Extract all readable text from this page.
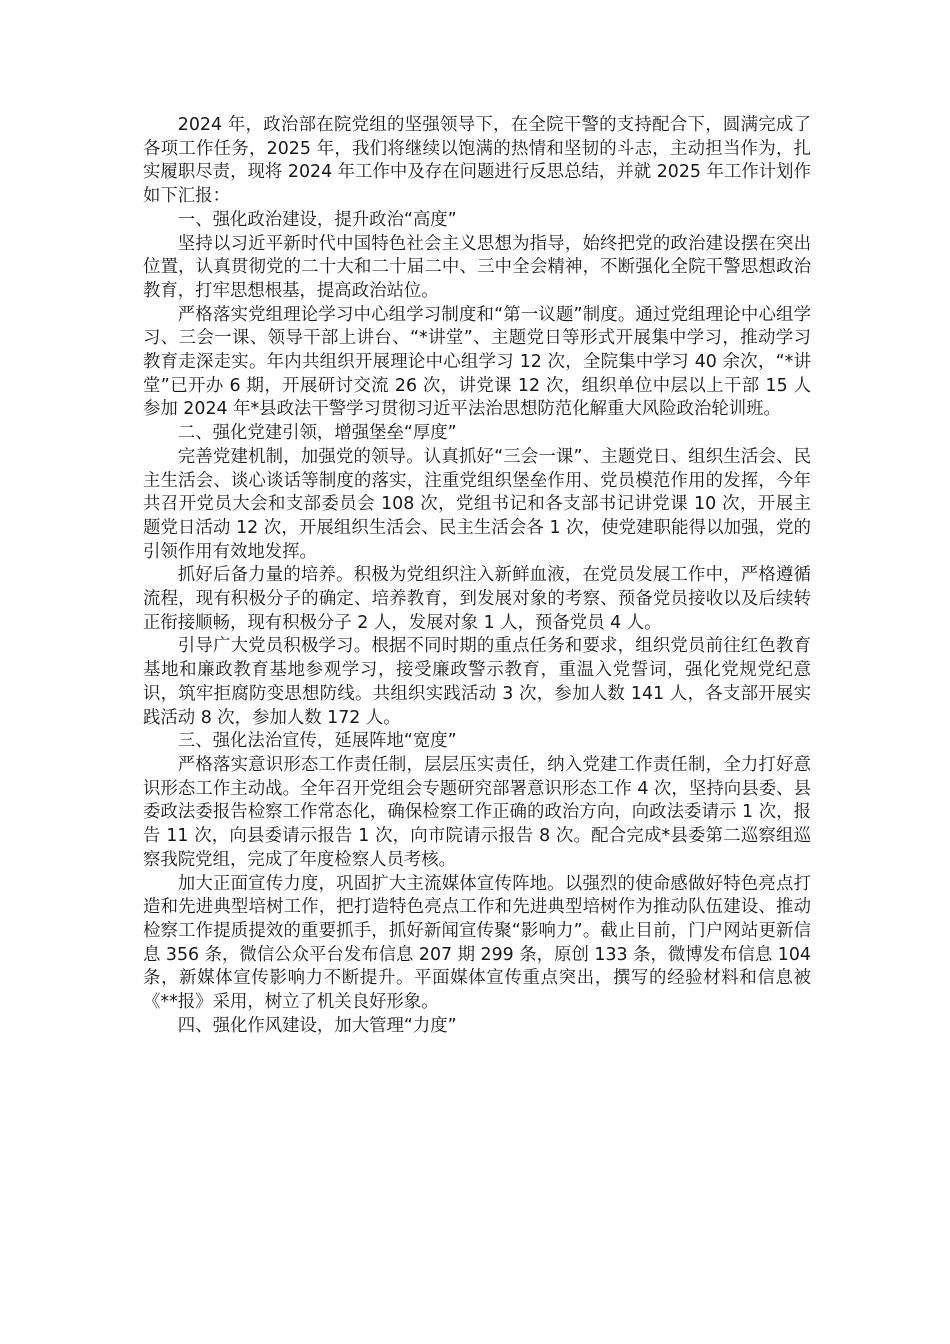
2024 年，政治部在院党组的坚强领导下，在全院干警的支持配合下，圆满完成了各项工作任务，2025 年，我们将继续以饱满的热情和坚韧的斗志，主动担当作为，扎实履职尽责，现将 2024 年工作中及存在问题进行反思总结，并就 2025 年工作计划作如下汇报：

一、强化政治建设，提升政治“高度”

坚持以习近平新时代中国特色社会主义思想为指导，始终把党的政治建设摆在突出位置，认真贯彻党的二十大和二十届二中、三中全会精神，不断强化全院干警思想政治教育，打牢思想根基，提高政治站位。

严格落实党组理论学习中心组学习制度和“第一议题”制度。通过党组理论中心组学习、三会一课、领导干部上讲台、“*讲堂”、主题党日等形式开展集中学习，推动学习教育走深走实。年内共组织开展理论中心组学习 12 次，全院集中学习 40 余次，“*讲堂”已开办 6 期，开展研讨交流 26 次，讲党课 12 次，组织单位中层以上干部 15 人参加 2024 年*县政法干警学习贯彻习近平法治思想防范化解重大风险政治轮训班。

二、强化党建引领，增强堡垒“厚度”

完善党建机制，加强党的领导。认真抓好“三会一课”、主题党日、组织生活会、民主生活会、谈心谈话等制度的落实，注重党组织堡垒作用、党员模范作用的发挥，今年共召开党员大会和支部委员会 108 次，党组书记和各支部书记讲党课 10 次，开展主题党日活动 12 次，开展组织生活会、民主生活会各 1 次，使党建职能得以加强，党的引领作用有效地发挥。

抓好后备力量的培养。积极为党组织注入新鲜血液，在党员发展工作中，严格遵循流程，现有积极分子的确定、培养教育，到发展对象的考察、预备党员接收以及后续转正衔接顺畅，现有积极分子 2 人，发展对象 1 人，预备党员 4 人。

引导广大党员积极学习。根据不同时期的重点任务和要求，组织党员前往红色教育基地和廉政教育基地参观学习，接受廉政警示教育，重温入党誓词，强化党规党纪意识，筑牢拒腐防变思想防线。共组织实践活动 3 次，参加人数 141 人，各支部开展实践活动 8 次，参加人数 172 人。

三、强化法治宣传，延展阵地“宽度”

严格落实意识形态工作责任制，层层压实责任，纳入党建工作责任制，全力打好意识形态工作主动战。全年召开党组会专题研究部署意识形态工作 4 次，坚持向县委、县委政法委报告检察工作常态化，确保检察工作正确的政治方向，向政法委请示 1 次，报告 11 次，向县委请示报告 1 次，向市院请示报告 8 次。配合完成*县委第二巡察组巡察我院党组，完成了年度检察人员考核。

加大正面宣传力度，巩固扩大主流媒体宣传阵地。以强烈的使命感做好特色亮点打造和先进典型培树工作，把打造特色亮点工作和先进典型培树作为推动队伍建设、推动检察工作提质提效的重要抓手，抓好新闻宣传聚“影响力”。截止目前，门户网站更新信息 356 条，微信公众平台发布信息 207 期 299 条，原创 133 条，微博发布信息 104 条，新媒体宣传影响力不断提升。平面媒体宣传重点突出，撰写的经验材料和信息被《**报》采用，树立了机关良好形象。

四、强化作风建设，加大管理“力度”
